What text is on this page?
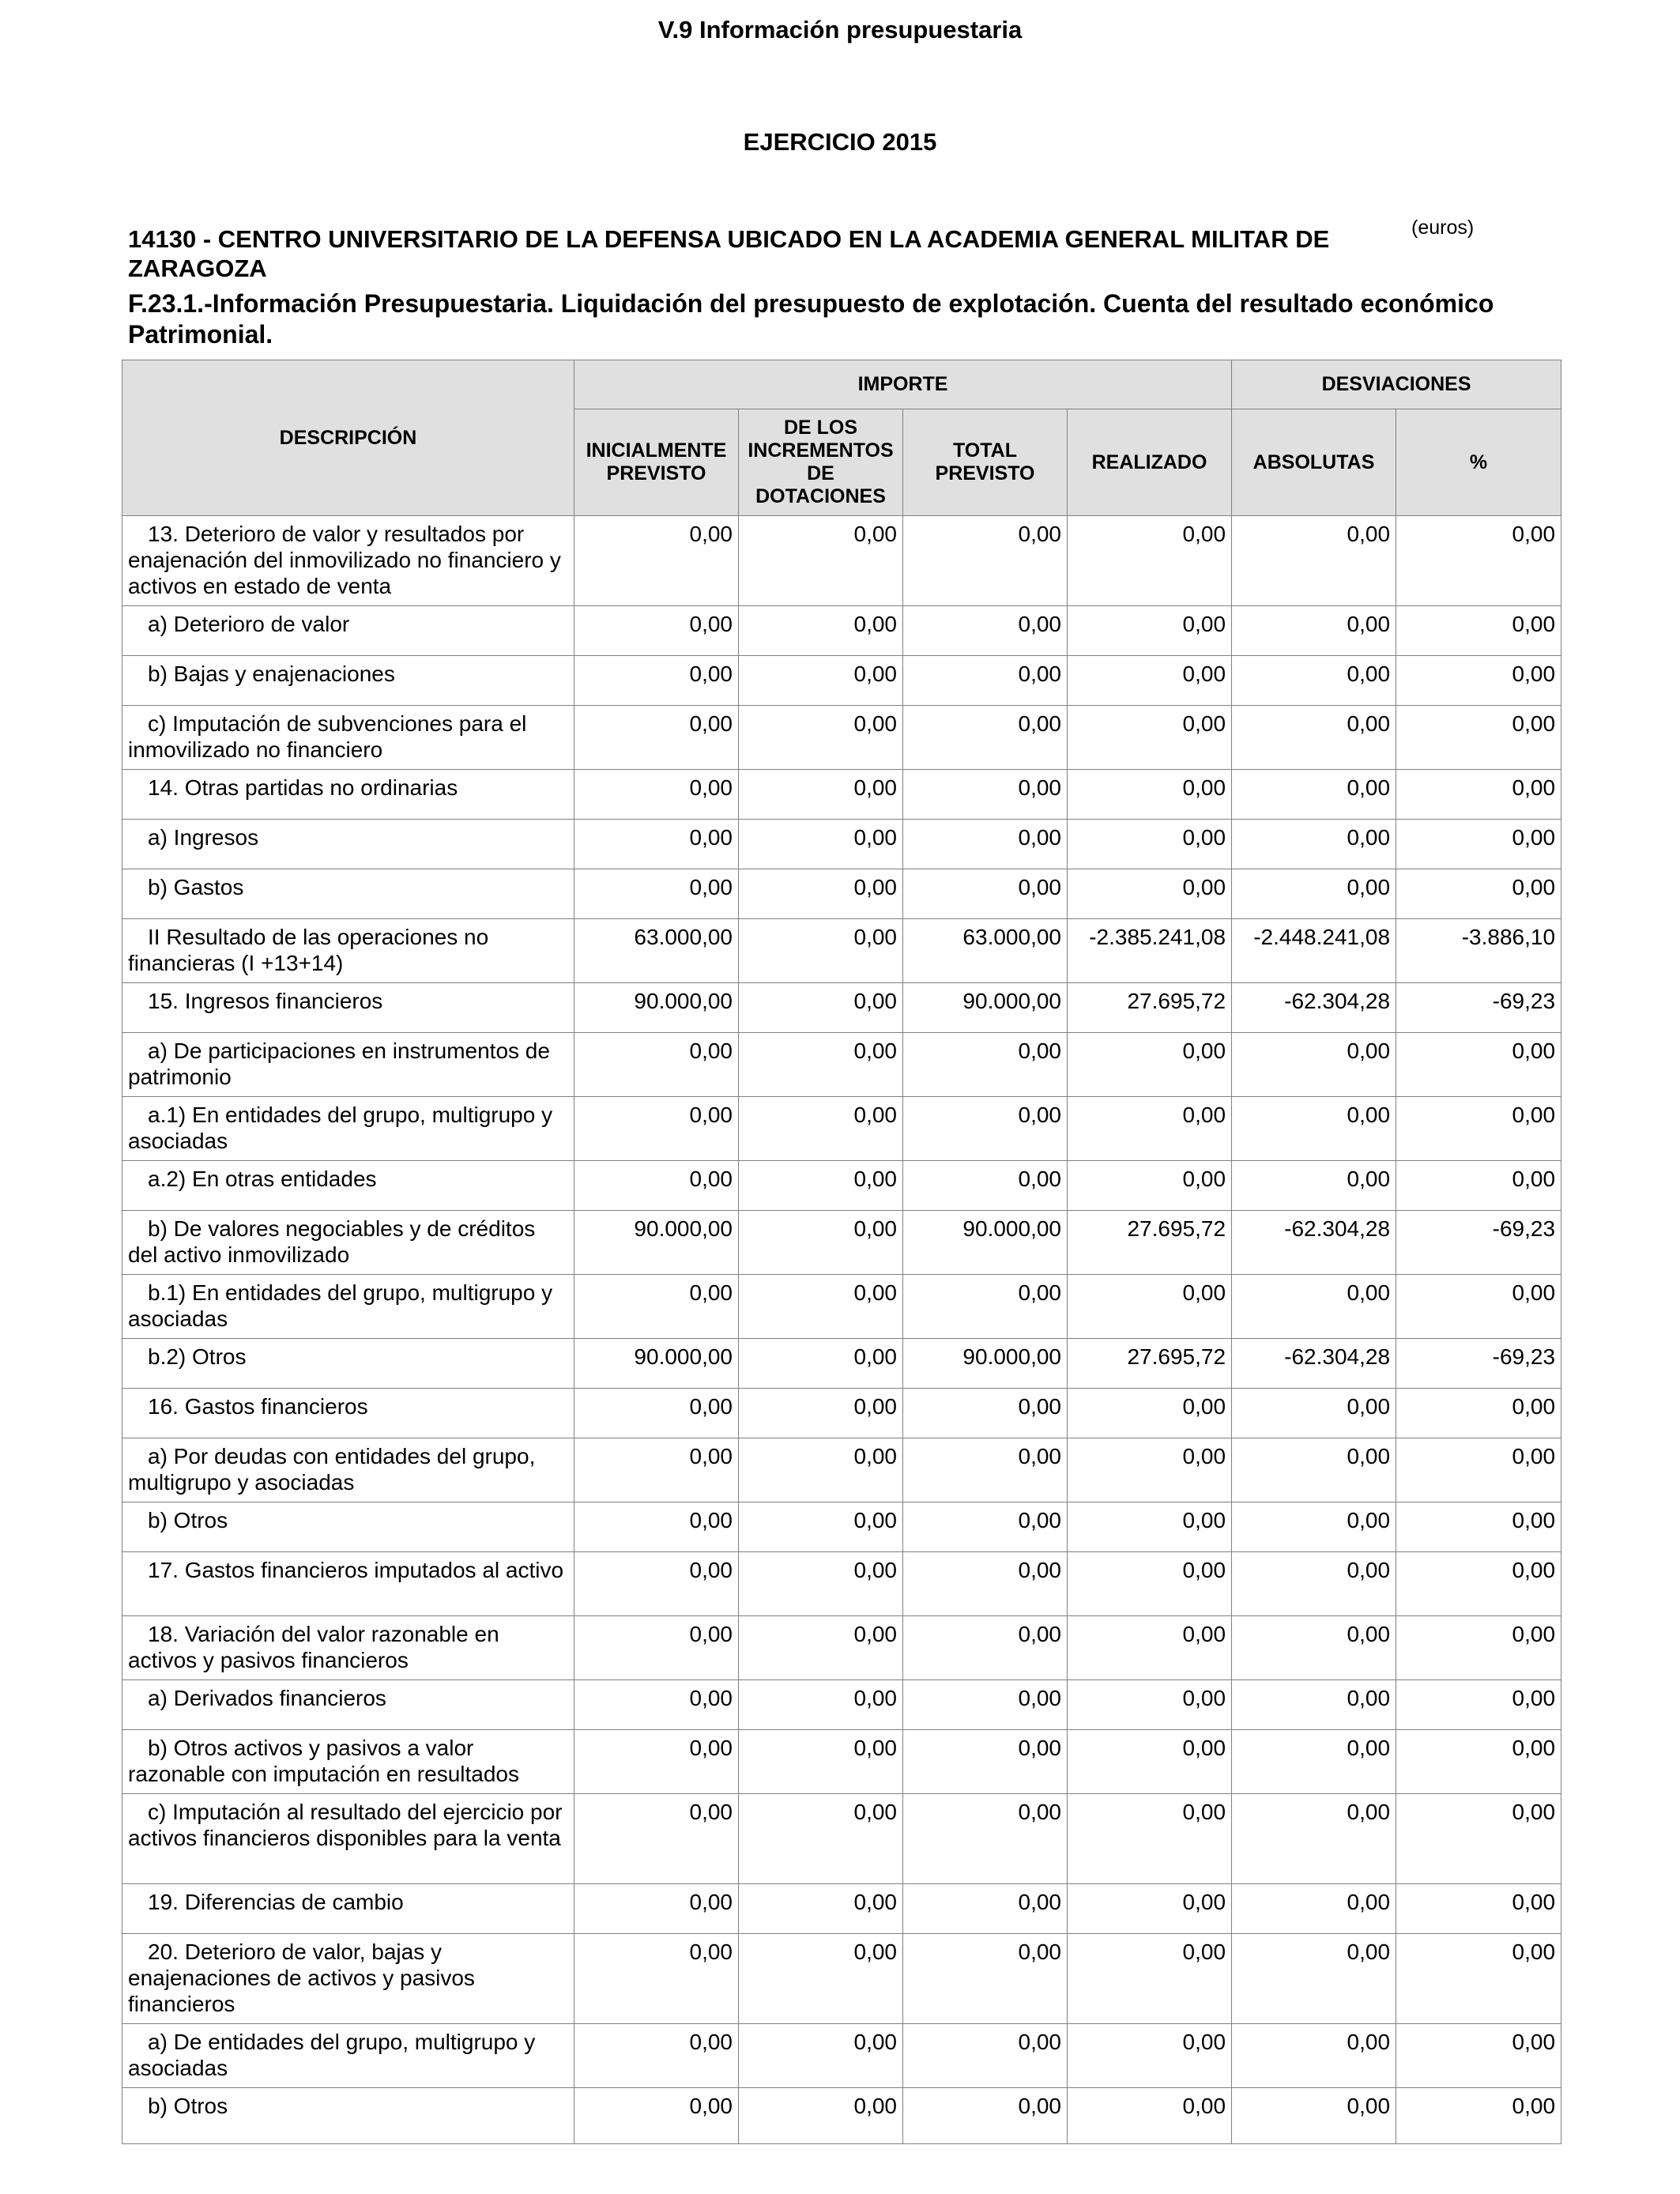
V.9 Información presupuestaria
EJERCICIO 2015
14130 - CENTRO UNIVERSITARIO DE LA DEFENSA UBICADO EN LA ACADEMIA GENERAL MILITAR DE ZARAGOZA
(euros)
F.23.1.-Información Presupuestaria. Liquidación del presupuesto de explotación. Cuenta del resultado económico Patrimonial.
DESCRIPCIÓN	IMPORTE				DESVIACIONES	
	INICIALMENTE PREVISTO	DE LOS INCREMENTOS DE DOTACIONES	TOTAL PREVISTO	REALIZADO	ABSOLUTAS	%
13. Deterioro de valor y resultados por enajenación del inmovilizado no financiero y activos en estado de venta	0,00	0,00	0,00	0,00	0,00	0,00
a) Deterioro de valor	0,00	0,00	0,00	0,00	0,00	0,00
b) Bajas y enajenaciones	0,00	0,00	0,00	0,00	0,00	0,00
c) Imputación de subvenciones para el inmovilizado no financiero	0,00	0,00	0,00	0,00	0,00	0,00
14. Otras partidas no ordinarias	0,00	0,00	0,00	0,00	0,00	0,00
a) Ingresos	0,00	0,00	0,00	0,00	0,00	0,00
b) Gastos	0,00	0,00	0,00	0,00	0,00	0,00
II Resultado de las operaciones no financieras (I +13+14)	63.000,00	0,00	63.000,00	-2.385.241,08	-2.448.241,08	-3.886,10
15. Ingresos financieros	90.000,00	0,00	90.000,00	27.695,72	-62.304,28	-69,23
a) De participaciones en instrumentos de patrimonio	0,00	0,00	0,00	0,00	0,00	0,00
a.1) En entidades del grupo, multigrupo y asociadas	0,00	0,00	0,00	0,00	0,00	0,00
a.2) En otras entidades	0,00	0,00	0,00	0,00	0,00	0,00
b) De valores negociables y de créditos del activo inmovilizado	90.000,00	0,00	90.000,00	27.695,72	-62.304,28	-69,23
b.1) En entidades del grupo, multigrupo y asociadas	0,00	0,00	0,00	0,00	0,00	0,00
b.2) Otros	90.000,00	0,00	90.000,00	27.695,72	-62.304,28	-69,23
16. Gastos financieros	0,00	0,00	0,00	0,00	0,00	0,00
a) Por deudas con entidades del grupo, multigrupo y asociadas	0,00	0,00	0,00	0,00	0,00	0,00
b) Otros	0,00	0,00	0,00	0,00	0,00	0,00
17. Gastos financieros imputados al activo	0,00	0,00	0,00	0,00	0,00	0,00
18. Variación del valor razonable en activos y pasivos financieros	0,00	0,00	0,00	0,00	0,00	0,00
a) Derivados financieros	0,00	0,00	0,00	0,00	0,00	0,00
b) Otros activos y pasivos a valor razonable con imputación en resultados	0,00	0,00	0,00	0,00	0,00	0,00
c) Imputación al resultado del ejercicio por activos financieros disponibles para la venta	0,00	0,00	0,00	0,00	0,00	0,00
19. Diferencias de cambio	0,00	0,00	0,00	0,00	0,00	0,00
20. Deterioro de valor, bajas y enajenaciones de activos y pasivos financieros	0,00	0,00	0,00	0,00	0,00	0,00
a) De entidades del grupo, multigrupo y asociadas	0,00	0,00	0,00	0,00	0,00	0,00
b) Otros	0,00	0,00	0,00	0,00	0,00	0,00
